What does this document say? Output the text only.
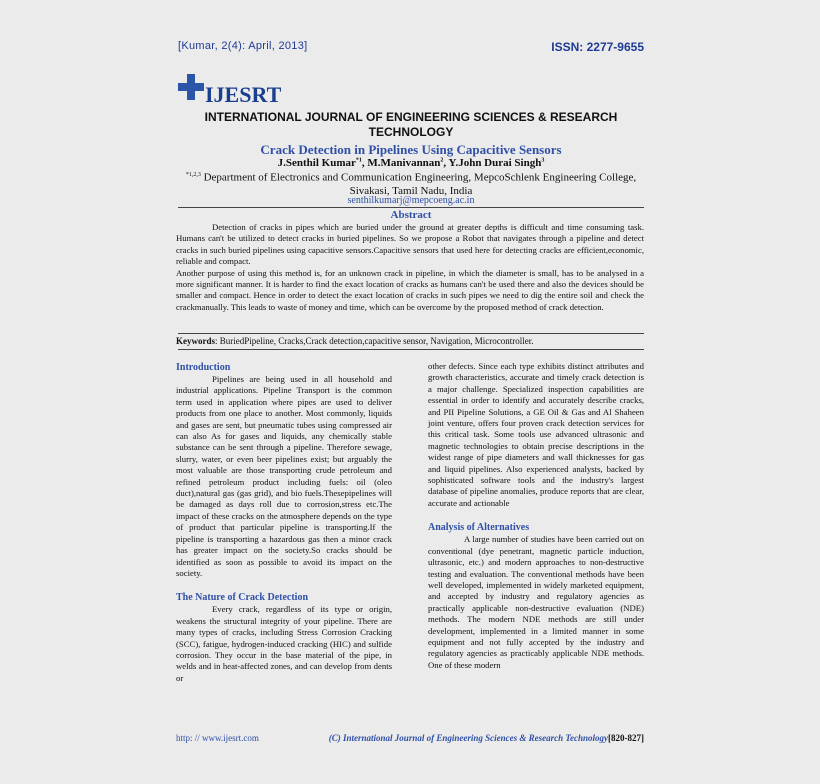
[Kumar, 2(4): April, 2013]	ISSN: 2277-9655
IJESRT
INTERNATIONAL JOURNAL OF ENGINEERING SCIENCES & RESEARCH TECHNOLOGY
Crack Detection in Pipelines Using Capacitive Sensors
J.Senthil Kumar$^{*1}$, M.Manivannan$^2$, Y.John Durai Singh$^3$
$^{*1,2,3}$ Department of Electronics and Communication Engineering, MepcoSchlenk Engineering College, Sivakasi, Tamil Nadu, India
senthilkumarj@mepcoeng.ac.in
Abstract

Detection of cracks in pipes which are buried under the ground at greater depths is difficult and time consuming task. Humans can't be utilized to detect cracks in buried pipelines. So we propose a Robot that navigates through a pipeline and detect cracks in such buried pipelines using capacitive sensors.Capacitive sensors that used here for detecting cracks are efficient,economic, reliable and compact.

Another purpose of using this method is, for an unknown crack in pipeline, in which the diameter is small, has to be analysed in a more significant manner. It is harder to find the exact location of cracks as humans can't be used there and also the devices should be smaller and compact. Hence in order to detect the exact location of cracks in such pipes we need to dig the entire soil and check the crackmanually. This leads to waste of money and time, which can be overcome by the proposed method of crack detection.

Keywords: BuriedPipeline, Cracks,Crack detection,capacitive sensor, Navigation, Microcontroller.
Introduction

Pipelines are being used in all household and industrial applications. Pipeline Transport is the common term used in application where pipes are used to deliver products from one place to another. Most commonly, liquids and gases are sent, but pneumatic tubes using compressed air can also As for gases and liquids, any chemically stable substance can be sent through a pipeline. Therefore sewage, slurry, water, or even beer pipelines exist; but arguably the most valuable are those transporting crude petroleum and refined petroleum product including fuels: oil (oleo duct),natural gas (gas grid), and bio fuels.Thesepipelines will be damaged as days roll due to corrosion,stress etc.The impact of these cracks on the atmosphere depends on the type of product that particular pipeline is transporting.If the pipeline is transporting a hazardous gas then a minor crack has greater impact on the society.So cracks should be identified as soon as possible to avoid its impact on the society.

The Nature of Crack Detection

Every crack, regardless of its type or origin, weakens the structural integrity of your pipeline. There are many types of cracks, including Stress Corrosion Cracking (SCC), fatigue, hydrogen-induced cracking (HIC) and sulfide corrosion. They occur in the base material of the pipe, in welds and in heat-affected zones, and can develop from dents or

other defects. Since each type exhibits distinct attributes and growth characteristics, accurate and timely crack detection is a major challenge. Specialized inspection capabilities are essential in order to identify and accurately describe cracks, and PII Pipeline Solutions, a GE Oil & Gas and Al Shaheen joint venture, offers four proven crack detection services for this critical task. Some tools use advanced ultrasonic and magnetic technologies to obtain precise descriptions in the widest range of pipe diameters and wall thicknesses for gas and liquid pipelines. Also experienced analysts, backed by sophisticated software tools and the industry's largest database of pipeline anomalies, produce reports that are clear, accurate and actionable

Analysis of Alternatives

A large number of studies have been carried out on conventional (dye penetrant, magnetic particle induction, ultrasonic, etc.) and modern approaches to non-destructive testing and evaluation. The conventional methods have been well developed, implemented in widely marketed equipment, and accepted by industry and regulatory agencies as practically applicable non-destructive evaluation (NDE) methods. The modern NDE methods are still under development, implemented in a limited manner in some equipment and not fully accepted by the industry and regulatory agencies as practicably applicable NDE methods. One of these modern

http: // www.ijesrt.com	(C) International Journal of Engineering Sciences & Research Technology[820-827]
